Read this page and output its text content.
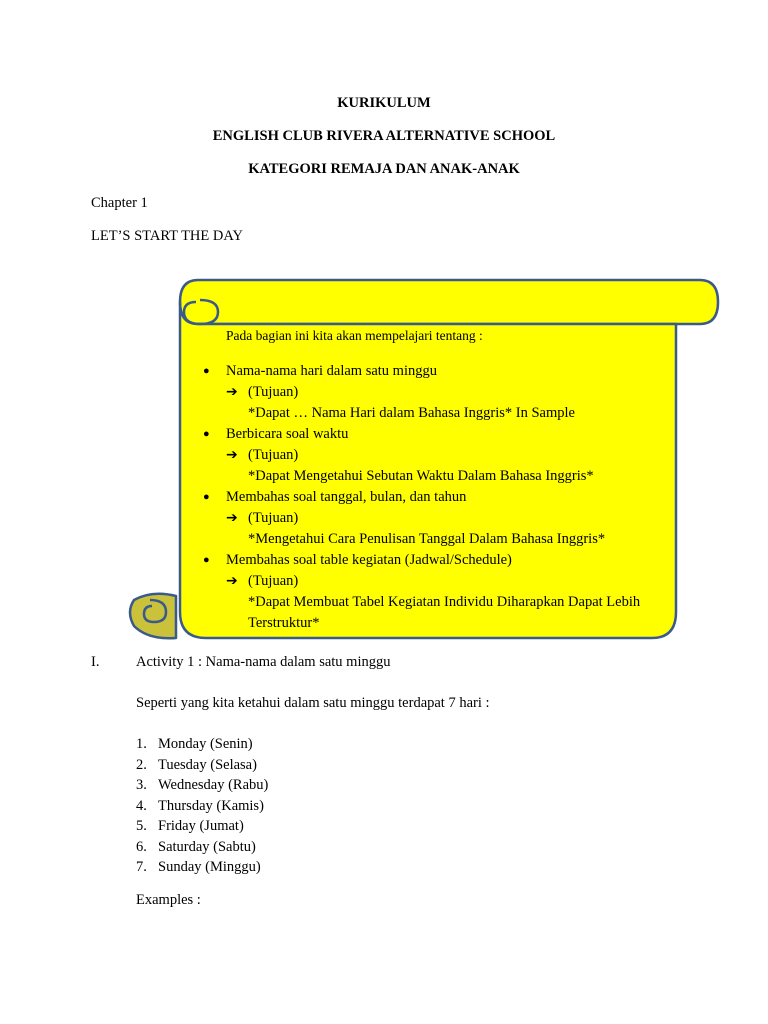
KURIKULUM
ENGLISH CLUB RIVERA ALTERNATIVE SCHOOL
KATEGORI REMAJA DAN ANAK-ANAK
Chapter 1
LET’S START THE DAY
Pada bagian ini kita akan mempelajari tentang :
● Nama-nama hari dalam satu minggu
➔ (Tujuan)
*Dapat … Nama Hari dalam Bahasa Inggris* In Sample
● Berbicara soal waktu
➔ (Tujuan)
*Dapat Mengetahui Sebutan Waktu Dalam Bahasa Inggris*
● Membahas soal tanggal, bulan, dan tahun
➔ (Tujuan)
*Mengetahui Cara Penulisan Tanggal Dalam Bahasa Inggris*
● Membahas soal table kegiatan (Jadwal/Schedule)
➔ (Tujuan)
*Dapat Membuat Tabel Kegiatan Individu Diharapkan Dapat Lebih
Terstruktur*
I.	Activity 1 : Nama-nama dalam satu minggu
Seperti yang kita ketahui dalam satu minggu terdapat 7 hari :
1. Monday (Senin)
2. Tuesday (Selasa)
3. Wednesday (Rabu)
4. Thursday (Kamis)
5. Friday (Jumat)
6. Saturday (Sabtu)
7. Sunday (Minggu)
Examples :
